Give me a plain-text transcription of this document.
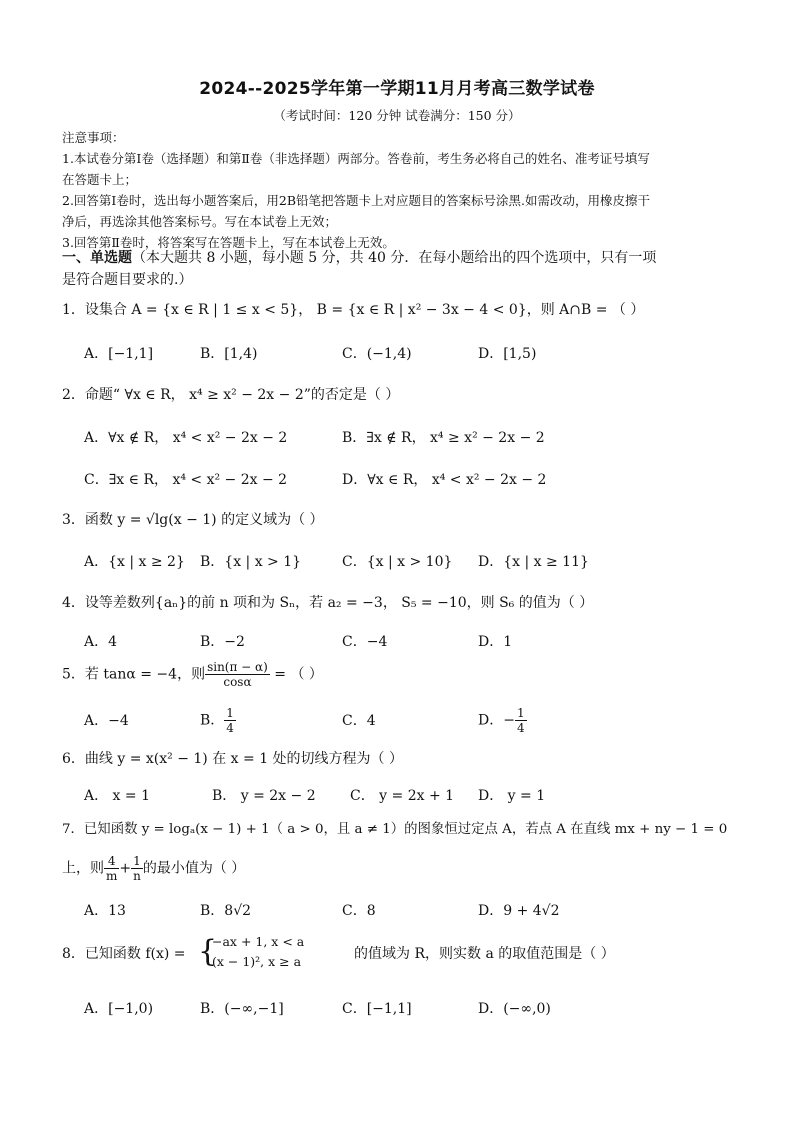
2024--2025学年第一学期11月月考高三数学试卷
（考试时间：120 分钟 试卷满分：150 分）

注意事项：

1.本试卷分第Ⅰ卷（选择题）和第Ⅱ卷（非选择题）两部分。答卷前，考生务必将自己的姓名、准考证号填写

在答题卡上；

2.回答第Ⅰ卷时，选出每小题答案后，用2B铅笔把答题卡上对应题目的答案标号涂黑.如需改动，用橡皮擦干

净后，再选涂其他答案标号。写在本试卷上无效；

3.回答第Ⅱ卷时，将答案写在答题卡上，写在本试卷上无效。

一、单选题（本大题共 8 小题，每小题 5 分，共 40 分．在每小题给出的四个选项中，只有一项
是符合题目要求的.）
1．设集合 A = {x ∈ R | 1 ≤ x < 5}， B = {x ∈ R | x² − 3x − 4 < 0}，则 A∩B = （ ）
A．[−1,1]	B．[1,4)	C．(−1,4)	D．[1,5)
2．命题“ ∀x ∈ R， x⁴ ≥ x² − 2x − 2”的否定是（ ）
A．∀x ∉ R， x⁴ < x² − 2x − 2	B．∃x ∉ R， x⁴ ≥ x² − 2x − 2
C．∃x ∈ R， x⁴ < x² − 2x − 2	D．∀x ∈ R， x⁴ < x² − 2x − 2
3．函数 y = √lg(x − 1) 的定义域为（ ）
A．{x | x ≥ 2} B．{x | x > 1}	C．{x | x > 10} D．{x | x ≥ 11}
4．设等差数列{aₙ}的前 n 项和为 Sₙ，若 a₂ = −3， S₅ = −10，则 S₆ 的值为（ ）
A．4	B．−2	C．−4	D．1
5．若 tanα = −4，则 $\frac{\sin(\pi - \alpha)}{\cos\alpha}$ = （ ）
A．−4	B． $\frac{1}{4}$	C．4	D．− $\frac{1}{4}$
6．曲线 y = x(x² − 1) 在 x = 1 处的切线方程为（ ）
A． x = 1	B． y = 2x − 2 C． y = 2x + 1 D． y = 1
7．已知函数 y = logₐ(x − 1) + 1（ a > 0，且 a ≠ 1）的图象恒过定点 A，若点 A 在直线 mx + ny − 1 = 0
上，则 $\frac{4}{m} + \frac{1}{n}$ 的最小值为（ ）
A．13	B．8√2	C．8	D．9 + 4√2
8．已知函数 f(x) = {
−ax + 1, x < a
(x − 1)², x ≥ a	的值域为 R，则实数 a 的取值范围是（ ）
A．[−1,0)	B．(−∞,−1]	C．[−1,1]	D．(−∞,0)
